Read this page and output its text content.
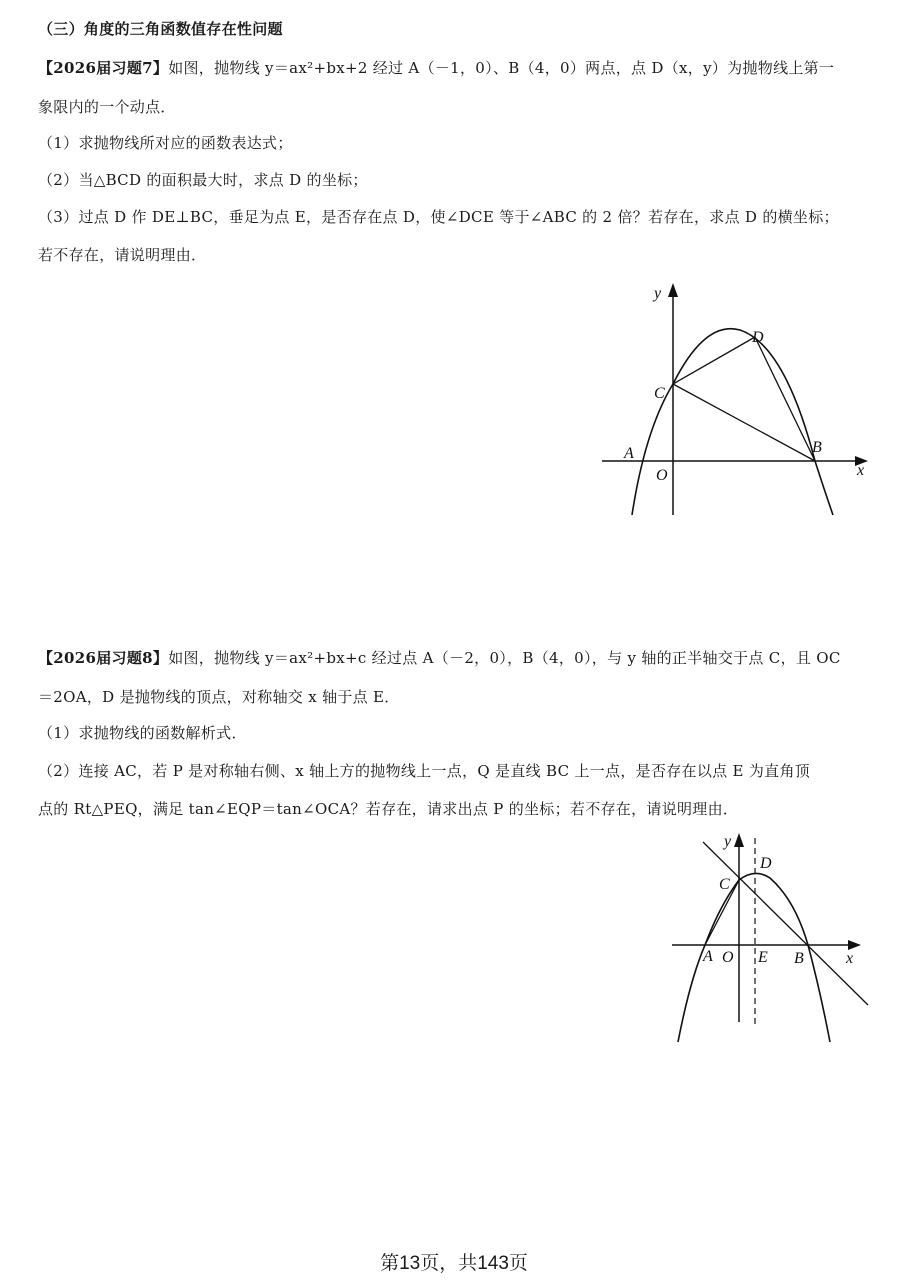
（三）角度的三角函数值存在性问题
【2026届习题7】如图，抛物线 y＝ax²+bx+2 经过 A（－1，0）、B（4，0）两点，点 D（x，y）为抛物线上第一
象限内的一个动点．
（1）求抛物线所对应的函数表达式；
（2）当△BCD 的面积最大时，求点 D 的坐标；
（3）过点 D 作 DE⊥BC，垂足为点 E，是否存在点 D，使∠DCE 等于∠ABC 的 2 倍？若存在，求点 D 的横坐标；
若不存在，请说明理由．
y
x
A
O
B
C
D
【2026届习题8】如图，抛物线 y＝ax²+bx+c 经过点 A（－2，0），B（4，0），与 y 轴的正半轴交于点 C，且 OC
＝2OA，D 是抛物线的顶点，对称轴交 x 轴于点 E．
（1）求抛物线的函数解析式．
（2）连接 AC，若 P 是对称轴右侧、x 轴上方的抛物线上一点，Q 是直线 BC 上一点，是否存在以点 E 为直角顶
点的 Rt△PEQ，满足 tan∠EQP＝tan∠OCA？若存在，请求出点 P 的坐标；若不存在，请说明理由．
y
x
A O E B
C
D
第13页，共143页
